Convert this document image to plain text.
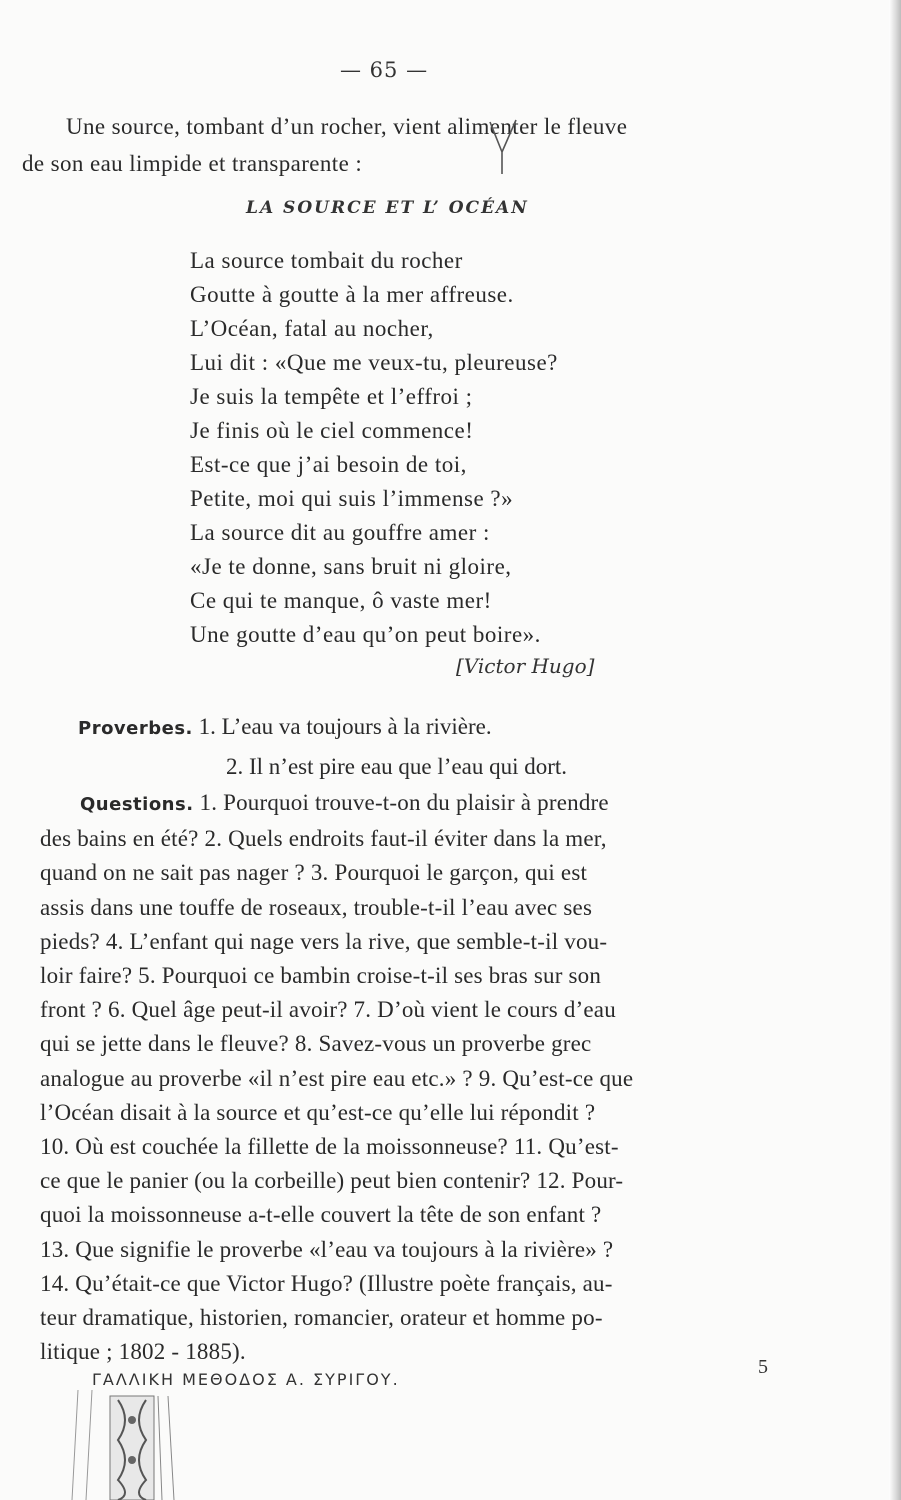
— 65 —
Une source, tombant d’un rocher, vient alimenter le fleuve
de son eau limpide et transparente :
LA SOURCE ET L’ OCÉAN
La source tombait du rocher
Goutte à goutte à la mer affreuse.
L’Océan, fatal au nocher,
Lui dit : «Que me veux-tu, pleureuse?
Je suis la tempête et l’effroi ;
Je finis où le ciel commence!
Est-ce que j’ai besoin de toi,
Petite, moi qui suis l’immense ?»
La source dit au gouffre amer :
«Je te donne, sans bruit ni gloire,
Ce qui te manque, ô vaste mer!
Une goutte d’eau qu’on peut boire».
[Victor Hugo]
Proverbes. 1. L’eau va toujours à la rivière.
2. Il n’est pire eau que l’eau qui dort.
Questions. 1. Pourquoi trouve-t-on du plaisir à prendre
des bains en été? 2. Quels endroits faut-il éviter dans la mer,
quand on ne sait pas nager ? 3. Pourquoi le garçon, qui est
assis dans une touffe de roseaux, trouble-t-il l’eau avec ses
pieds? 4. L’enfant qui nage vers la rive, que semble-t-il vou-
loir faire? 5. Pourquoi ce bambin croise-t-il ses bras sur son
front ? 6. Quel âge peut-il avoir? 7. D’où vient le cours d’eau
qui se jette dans le fleuve? 8. Savez-vous un proverbe grec
analogue au proverbe «il n’est pire eau etc.» ? 9. Qu’est-ce que
l’Océan disait à la source et qu’est-ce qu’elle lui répondit ?
10. Où est couchée la fillette de la moissonneuse? 11. Qu’est-
ce que le panier (ou la corbeille) peut bien contenir? 12. Pour-
quoi la moissonneuse a-t-elle couvert la tête de son enfant ?
13. Que signifie le proverbe «l’eau va toujours à la rivière» ?
14. Qu’était-ce que Victor Hugo? (Illustre poète français, au-
teur dramatique, historien, romancier, orateur et homme po-
litique ; 1802 - 1885).
ΓΑΛΛΙΚΗ ΜΕΘΟΔΟΣ Α. ΣΥΡΙΓΟΥ.
5
